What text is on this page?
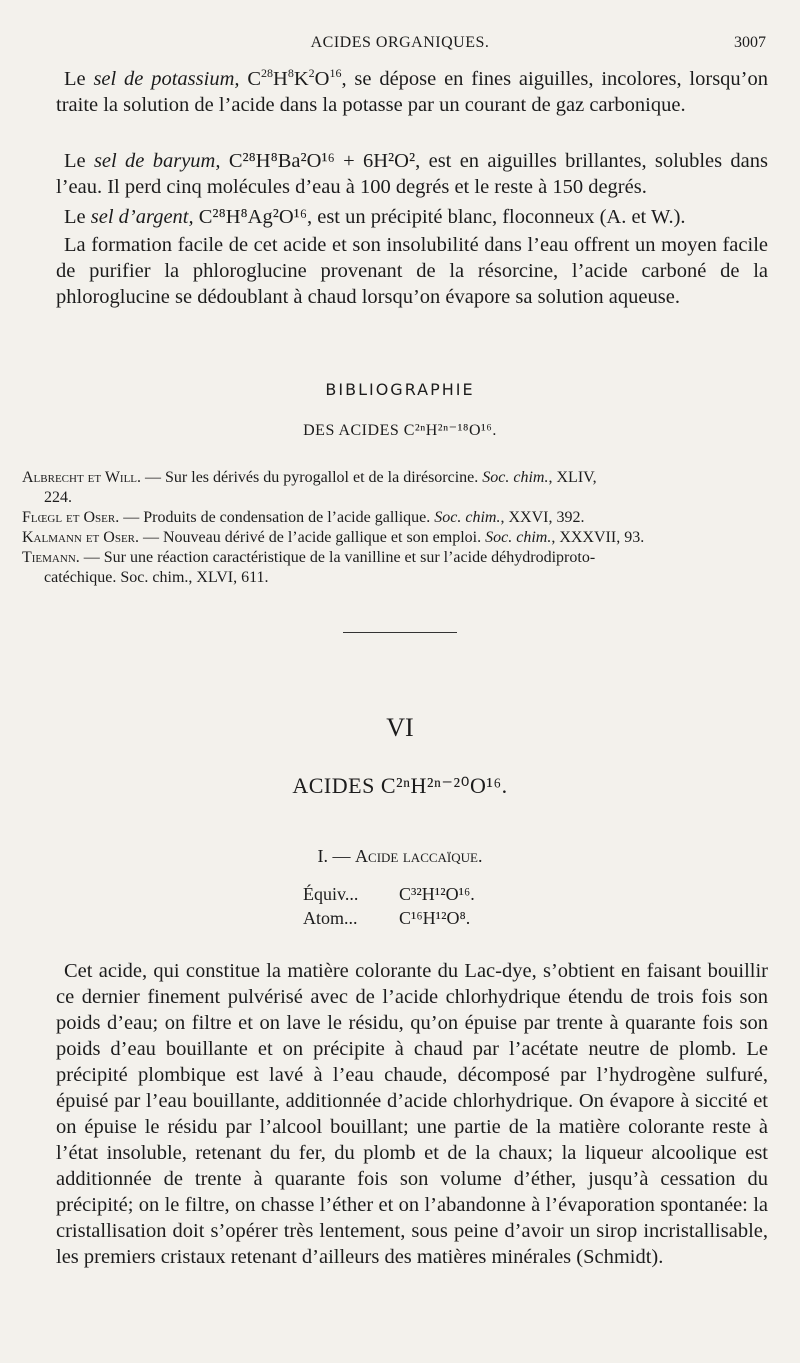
ACIDES ORGANIQUES.	3007

Le sel de potassium, $C^{28}H^8K^2O^{16}$, se dépose en fines aiguilles, incolores, lorsqu’on traite la solution de l’acide dans la potasse par un courant de gaz carbonique.

Le sel de baryum, C²⁸H⁸Ba²O¹⁶ + 6H²O², est en aiguilles brillantes, solubles dans l’eau. Il perd cinq molécules d’eau à 100 degrés et le reste à 150 degrés.

Le sel d’argent, C²⁸H⁸Ag²O¹⁶, est un précipité blanc, floconneux (A. et W.).

La formation facile de cet acide et son insolubilité dans l’eau offrent un moyen facile de purifier la phloroglucine provenant de la résorcine, l’acide carboné de la phloroglucine se dédoublant à chaud lorsqu’on évapore sa solution aqueuse.

BIBLIOGRAPHIE
DES ACIDES C²ⁿH²ⁿ⁻¹⁸O¹⁶.

Albrecht et Will. — Sur les dérivés du pyrogallol et de la dirésorcine. Soc. chim., XLIV,
224.

Flœgl et Oser. — Produits de condensation de l’acide gallique. Soc. chim., XXVI, 392.

Kalmann et Oser. — Nouveau dérivé de l’acide gallique et son emploi. Soc. chim., XXXVII, 93.

Tiemann. — Sur une réaction caractéristique de la vanilline et sur l’acide déhydrodiproto-
catéchique. Soc. chim., XLVI, 611.

VI
ACIDES C²ⁿH²ⁿ⁻²⁰O¹⁶.
I. — Acide laccaïque.
Équiv... C³²H¹²O¹⁶.
Atom... C¹⁶H¹²O⁸.

Cet acide, qui constitue la matière colorante du Lac-dye, s’obtient en faisant bouillir ce dernier finement pulvérisé avec de l’acide chlorhydrique étendu de trois fois son poids d’eau; on filtre et on lave le résidu, qu’on épuise par trente à quarante fois son poids d’eau bouillante et on précipite à chaud par l’acétate neutre de plomb. Le précipité plombique est lavé à l’eau chaude, décomposé par l’hydrogène sulfuré, épuisé par l’eau bouillante, additionnée d’acide chlorhydrique. On évapore à siccité et on épuise le résidu par l’alcool bouillant; une partie de la matière colorante reste à l’état insoluble, retenant du fer, du plomb et de la chaux; la liqueur alcoolique est additionnée de trente à quarante fois son volume d’éther, jusqu’à cessation du précipité; on le filtre, on chasse l’éther et on l’abandonne à l’évaporation spontanée: la cristallisation doit s’opérer très lentement, sous peine d’avoir un sirop incristallisable, les premiers cristaux retenant d’ailleurs des matières minérales (Schmidt).
